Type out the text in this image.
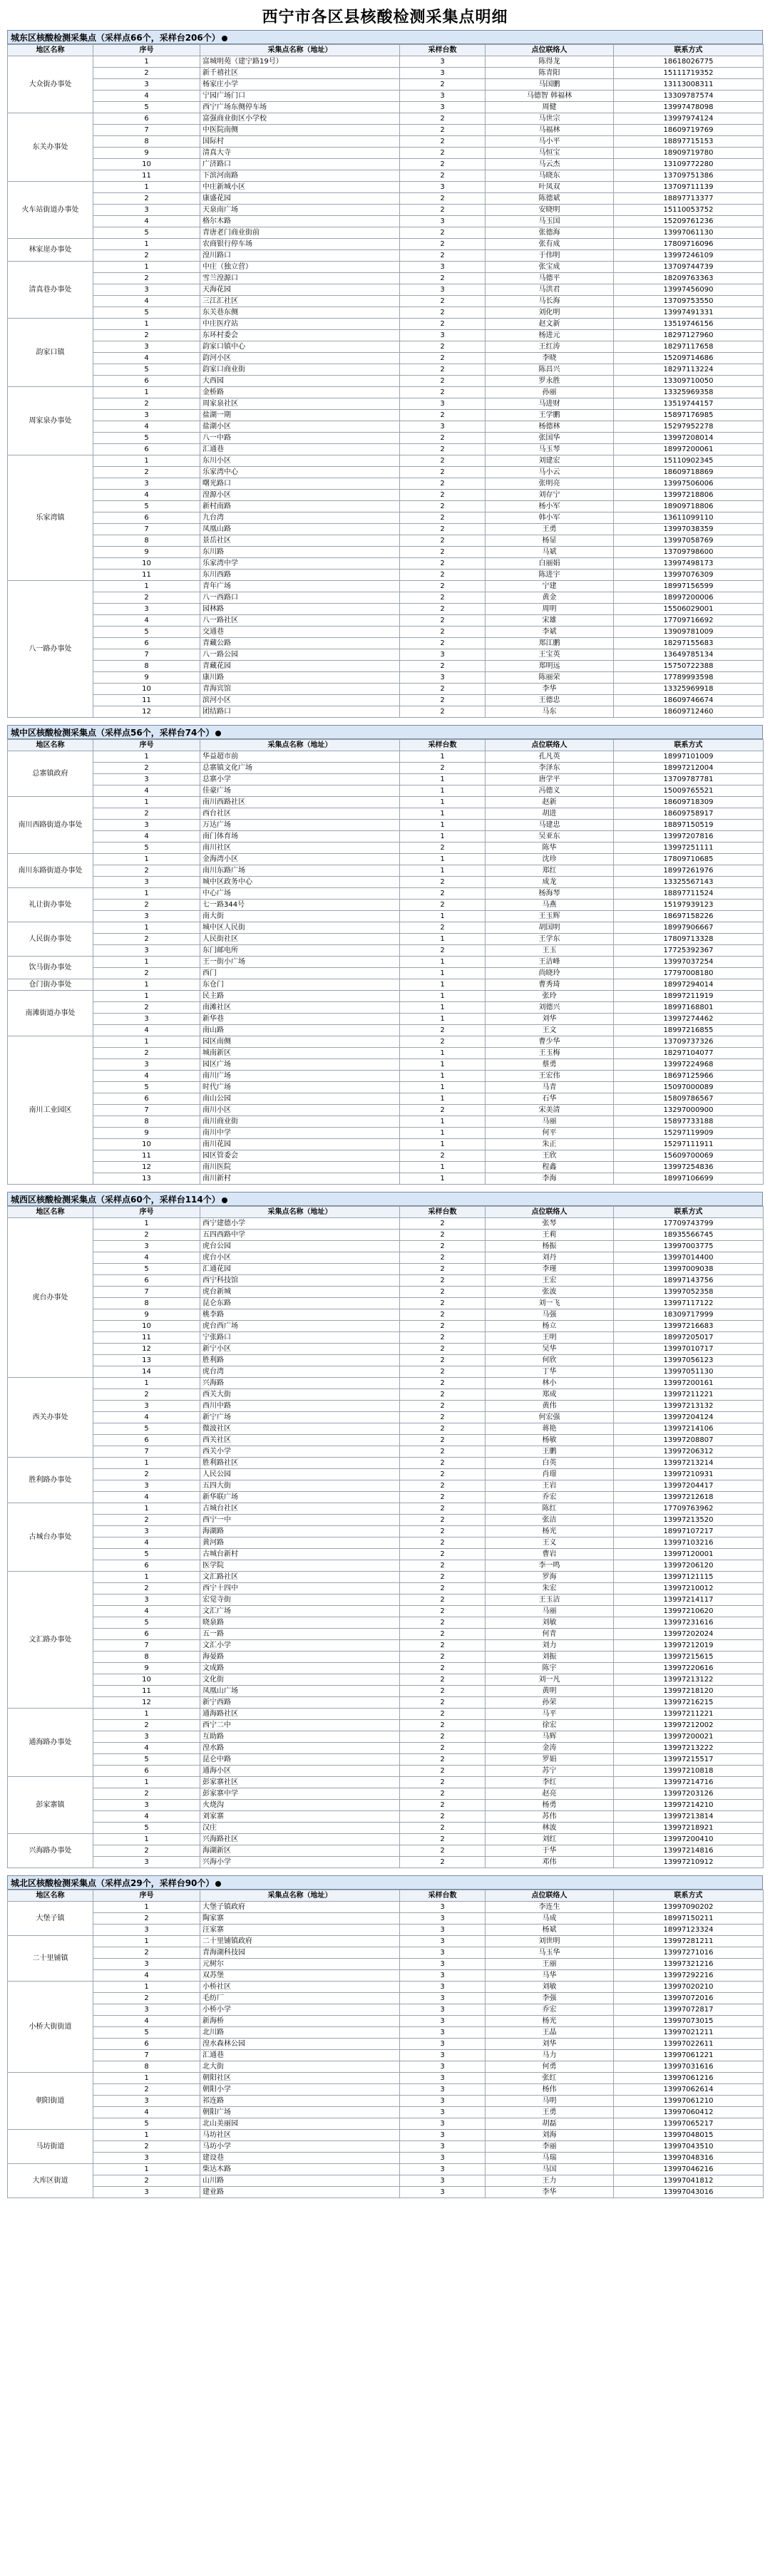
西宁市各区县核酸检测采集点明细
城东区核酸检测采集点（采样点66个，采样台206个）
地区名称	序号	采集点名称（地址）	采样台数	点位联络人	联系方式
大众街办事处	1	富城明苑（建宁路19号）	3	陈得龙	18618026775
	2	新千禧社区	3	陈青阳	15111719352
	3	杨家庄小学	2	马国鹏	13113008311
	4	宁园广场门口	3	马德智 韩福林	13309787574
	5	西宁广场东侧停车场	3	周健	13997478098
东关办事处	6	富强商业街区小学校	2	马世宗	13997974124
	7	中医院南侧	2	马福林	18609719769
	8	国际村	2	马小平	18897715153
	9	清真大寺	2	马恒宝	18909719780
	10	广济路口	2	马云杰	13109772280
	11	下滨河南路	2	马晓东	13709751386
火车站街道办事处	1	中庄新城小区	3	叶凤双	13709711139
	2	康盛花园	2	陈德斌	18897713377
	3	天泉南广场	2	安晓明	15110053752
	4	格尔木路	3	马玉国	15209761236
	5	青唐老门商业街前	2	张德海	13997061130
林家崖办事处	1	农商银行停车场	2	张有成	17809716096
	2	湟川路口	2	于伟明	13997246109
清真巷办事处	1	中庄（独立营）	3	张宝成	13709744739
	2	雪兰湟源口	2	马德平	18209763363
	3	天海花园	3	马洪君	13997456090
	4	三江汇社区	2	马长海	13709753550
	5	东关巷东侧	2	刘化明	13997491331
韵家口镇	1	中庄医疗站	2	赵文新	13519746156
	2	东环村委会	3	杨进元	18297127960
	3	韵家口镇中心	2	王红涛	18297117658
	4	韵河小区	2	李晓	15209714686
	5	韵家口商业街	2	陈昌兴	18297113224
	6	大西园	2	罗永胜	13309710050
周家泉办事处	1	金桥路	2	孙丽	13325969358
	2	周家泉社区	3	马进财	13519744157
	3	盐湖一期	2	王学鹏	15897176985
	4	盐湖小区	3	杨德林	15297952278
	5	八一中路	2	张国华	13997208014
	6	汇通巷	2	马玉琴	18997200061
乐家湾镇	1	东川小区	2	刘建宏	15110902345
	2	乐家湾中心	2	马小云	18609718869
	3	曙光路口	2	张明亮	13997506006
	4	湟源小区	2	刘存宁	13997218806
	5	新村南路	2	杨小军	18909718806
	6	九台湾	2	韩小军	13611099110
	7	凤凰山路	2	王勇	13997038359
	8	景岳社区	2	杨显	13997058769
	9	东川路	2	马斌	13709798600
	10	乐家湾中学	2	白丽娟	13997498173
	11	东川西路	2	陈进宇	13997076309
八一路办事处	1	青年广场	2	宁建	18997156599
	2	八一西路口	2	黄金	18997200006
	3	园林路	2	周明	15506029001
	4	八一路社区	2	宋雄	17709716692
	5	交通巷	2	李斌	13909781009
	6	青藏公路	2	郑江鹏	18297155683
	7	八一路公园	3	王宝英	13649785134
	8	青藏花园	2	郑明远	15750722388
	9	康川路	3	陈丽荣	17789993598
	10	青海宾馆	2	李华	13325969918
	11	滨河小区	2	王德忠	18609746674
	12	团结路口	2	马东	18609712460
城中区核酸检测采集点（采样点56个，采样台74个）
地区名称	序号	采集点名称（地址）	采样台数	点位联络人	联系方式
总寨镇政府	1	华益超市前	1	孔凡英	18997101009
	2	总寨镇文化广场	2	李泽东	18997212004
	3	总寨小学	1	唐学平	13709787781
	4	佳豪广场	1	冯德义	15009765521
南川西路街道办事处	1	南川西路社区	1	赵新	18609718309
	2	西台社区	1	胡进	18609758917
	3	万达广场	1	马建忠	18897150519
	4	南门体育场	1	吴亚东	13997207816
	5	南川社区	2	陈华	13997251111
南川东路街道办事处	1	金海湾小区	1	沈珍	17809710685
	2	南川东路广场	1	郑红	18997261976
	3	城中区政务中心	2	成龙	13325567143
礼让街办事处	1	中心广场	2	杨海琴	18897711524
	2	七一路344号	2	马燕	15197939123
	3	南大街	1	王玉辉	18697158226
人民街办事处	1	城中区人民街	2	胡国明	18997906667
	2	人民街社区	1	王学东	17809713328
	3	东门邮电所	2	王玉	17725392367
饮马街办事处	1	王一街小广场	1	王洁峰	13997037254
	2	西门	1	尚晓玲	17797008180
仓门街办事处	1	东仓门	1	曹秀琦	18997294014
南滩街道办事处	1	民主路	1	张玲	18997211919
	2	南滩社区	1	刘德兴	18997168801
	3	新华巷	1	刘华	13997274462
	4	南山路	2	王文	18997216855
南川工业园区	1	园区南侧	2	曹少华	13709737326
	2	城南新区	1	王玉梅	18297104077
	3	园区广场	1	蔡勇	13997224968
	4	南川广场	1	王宏伟	18697125966
	5	时代广场	1	马青	15097000089
	6	南山公园	1	石华	15809786567
	7	南川小区	2	宋美清	13297000900
	8	南川商业街	1	马丽	15897733188
	9	南川中学	1	何平	15297119909
	10	南川花园	1	朱正	15297111911
	11	园区管委会	2	王欣	15609700069
	12	南川医院	1	程鑫	13997254836
	13	南川新村	1	李海	18997106699
城西区核酸检测采集点（采样点60个，采样台114个）
地区名称	序号	采集点名称（地址）	采样台数	点位联络人	联系方式
虎台办事处	1	西宁建德小学	2	张琴	17709743799
	2	五四西路中学	2	王莉	18935566745
	3	虎台公园	2	杨振	13997003775
	4	虎台小区	2	刘丹	13997014400
	5	汇通花园	2	李瑾	13997009038
	6	西宁科技馆	2	王宏	18997143756
	7	虎台新城	2	张波	13997052358
	8	昆仑东路	2	刘一飞	13997117122
	9	桃李路	2	马强	18309717999
	10	虎台西广场	2	杨立	13997216683
	11	宁张路口	2	王明	18997205017
	12	新宁小区	2	吴华	13997010717
	13	胜利路	2	何欣	13997056123
	14	虎台湾	2	丁华	13997051130
西关办事处	1	兴海路	2	林小	13997200161
	2	西关大街	2	郑成	13997211221
	3	西川中路	2	黄伟	13997213132
	4	新宁广场	2	何宏强	13997204124
	5	微波社区	2	蒋艳	13997214106
	6	西关社区	2	杨敏	13997208807
	7	西关小学	2	王鹏	13997206312
胜利路办事处	1	胜利路社区	2	白英	13997213214
	2	人民公园	2	肖璟	13997210931
	3	五四大街	2	王岩	13997204417
	4	新华联广场	2	乔宏	13997212618
古城台办事处	1	古城台社区	2	陈红	17709763962
	2	西宁一中	2	张洁	13997213520
	3	海湖路	2	杨光	18997107217
	4	黄河路	2	王义	13997103216
	5	古城台新村	2	曹岩	13997120001
	6	医学院	2	李一鸣	13997206120
文汇路办事处	1	文汇路社区	2	罗海	13997121115
	2	西宁十四中	2	朱宏	13997210012
	3	宏觉寺街	2	王玉洁	13997214117
	4	文汇广场	2	马丽	13997210620
	5	晓泉路	2	刘敏	13997231616
	6	五一路	2	何青	13997202024
	7	文汇小学	2	刘力	13997212019
	8	海晏路	2	刘振	13997215615
	9	文成路	2	陈宇	13997220616
	10	文化街	2	刘一凡	13997213122
	11	凤凰山广场	2	黄明	13997218120
	12	新宁西路	2	孙荣	13997216215
通海路办事处	1	通海路社区	2	马平	13997211221
	2	西宁二中	2	徐宏	13997212002
	3	互助路	2	马辉	13997200021
	4	湟水路	2	金涛	13997213222
	5	昆仑中路	2	罗娟	13997215517
	6	通海小区	2	苏宁	13997210818
彭家寨镇	1	彭家寨社区	2	李红	13997214716
	2	彭家寨中学	2	赵亮	13997203126
	3	火烧沟	2	杨勇	13997214210
	4	刘家寨	2	苏伟	13997213814
	5	汉庄	2	林波	13997218921
兴海路办事处	1	兴海路社区	2	刘红	13997200410
	2	海湖新区	2	于华	13997214816
	3	兴海小学	2	邓伟	13997210912
城北区核酸检测采集点（采样点29个，采样台90个）
地区名称	序号	采集点名称（地址）	采样台数	点位联络人	联系方式
大堡子镇	1	大堡子镇政府	3	李连生	13997090202
	2	陶家寨	3	马成	18997150211
	3	汪家寨	3	杨斌	18997123324
二十里铺镇	1	二十里铺镇政府	3	刘世明	13997281211
	2	青海湖科技园	3	马玉华	13997271016
	3	元树尔	3	王丽	13997321216
	4	双苏堡	3	马华	13997292216
小桥大街街道	1	小桥社区	3	刘敏	13997020210
	2	毛纺厂	3	李强	13997072016
	3	小桥小学	3	乔宏	13997072817
	4	新海桥	3	杨光	13997073015
	5	北川路	3	王晶	13997021211
	6	湟水森林公园	3	刘华	13997022611
	7	汇通巷	3	马力	13997061221
	8	北大街	3	何勇	13997031616
朝阳街道	1	朝阳社区	3	张红	13997061216
	2	朝阳小学	3	杨伟	13997062614
	3	祁连路	3	马明	13997061210
	4	朝阳广场	3	王勇	13997060412
	5	北山美丽园	3	胡磊	13997065217
马坊街道	1	马坊社区	3	刘海	13997048015
	2	马坊小学	3	李丽	13997043510
	3	建设巷	3	马瑞	13997048316
大库区街道	1	柴达木路	3	马国	13997046216
	2	山川路	3	王力	13997041812
	3	建业路	3	李华	13997043016
